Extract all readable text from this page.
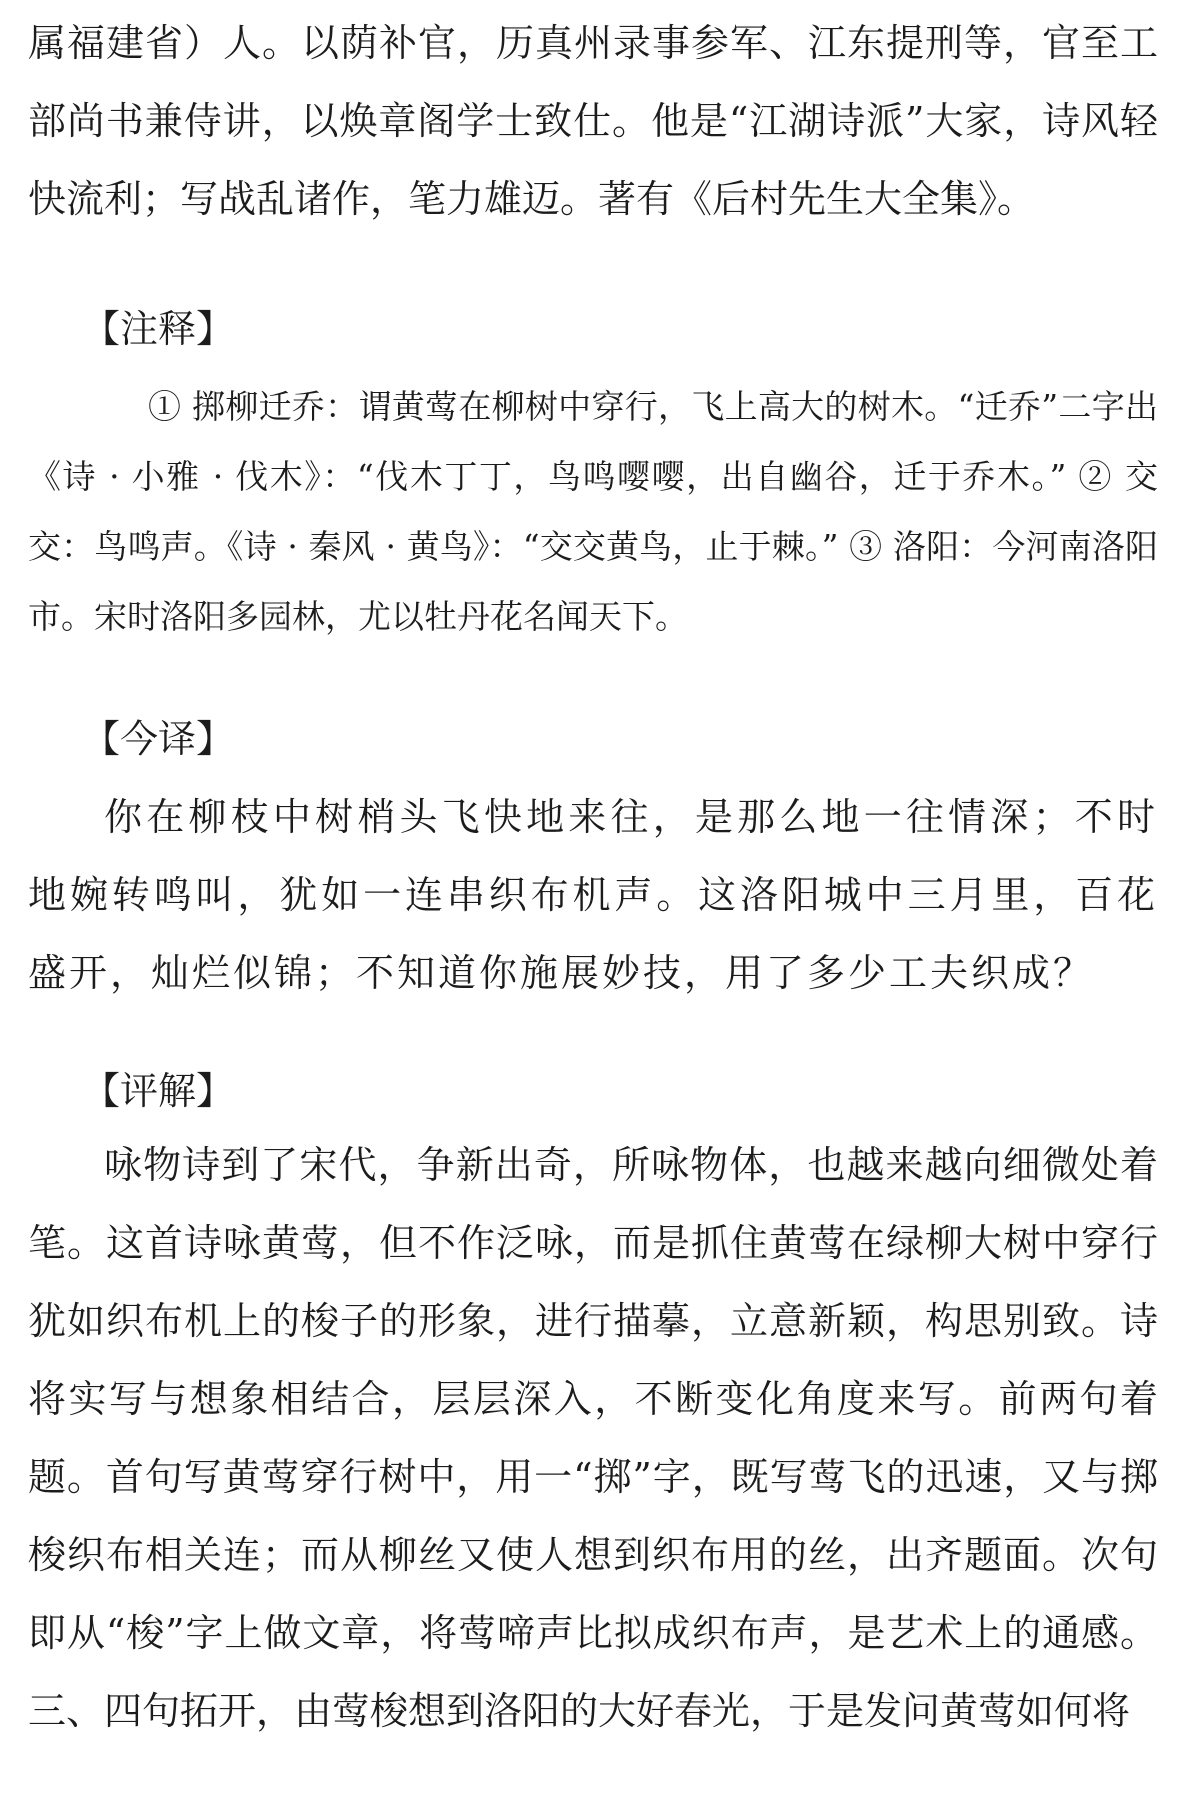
属福建省）人。以荫补官，历真州录事参军、江东提刑等，官至工部尚书兼侍讲，以焕章阁学士致仕。他是“江湖诗派”大家，诗风轻快流利；写战乱诸作，笔力雄迈。著有《后村先生大全集》。

【注释】

① 掷柳迁乔：谓黄莺在柳树中穿行，飞上高大的树木。“迁乔”二字出《诗 · 小雅 · 伐木》：“伐木丁丁，鸟鸣嘤嘤，出自幽谷，迁于乔木。” ② 交交：鸟鸣声。《诗 · 秦风 · 黄鸟》：“交交黄鸟，止于棘。” ③ 洛阳：今河南洛阳市。宋时洛阳多园林，尤以牡丹花名闻天下。

【今译】

你在柳枝中树梢头飞快地来往，是那么地一往情深；不时地婉转鸣叫，犹如一连串织布机声。这洛阳城中三月里，百花盛开，灿烂似锦；不知道你施展妙技，用了多少工夫织成？

【评解】

咏物诗到了宋代，争新出奇，所咏物体，也越来越向细微处着笔。这首诗咏黄莺，但不作泛咏，而是抓住黄莺在绿柳大树中穿行犹如织布机上的梭子的形象，进行描摹，立意新颖，构思别致。诗将实写与想象相结合，层层深入，不断变化角度来写。前两句着题。首句写黄莺穿行树中，用一“掷”字，既写莺飞的迅速，又与掷梭织布相关连；而从柳丝又使人想到织布用的丝，出齐题面。次句即从“梭”字上做文章，将莺啼声比拟成织布声，是艺术上的通感。三、四句拓开，由莺梭想到洛阳的大好春光，于是发问黄莺如何将
